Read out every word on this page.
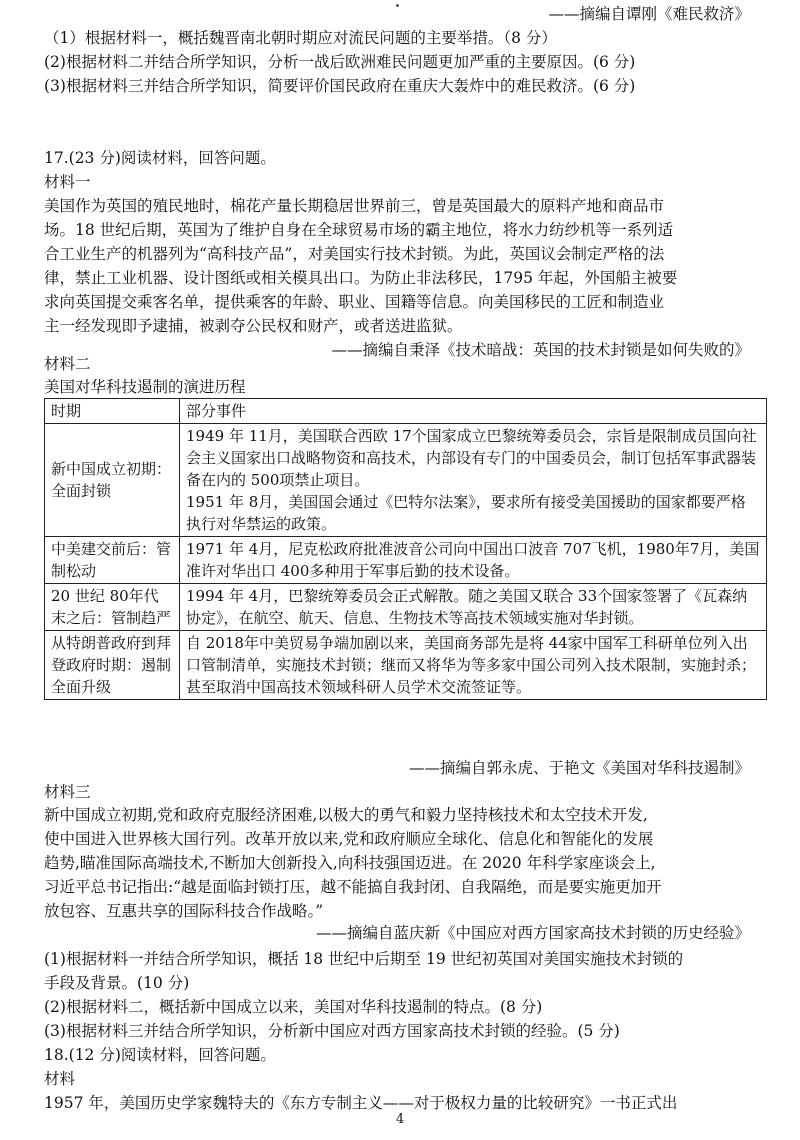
——摘编自谭刚《难民救济》
（1）根据材料一，概括魏晋南北朝时期应对流民问题的主要举措。（8 分）
(2)根据材料二并结合所学知识，分析一战后欧洲难民问题更加严重的主要原因。(6 分)
(3)根据材料三并结合所学知识，简要评价国民政府在重庆大轰炸中的难民救济。(6 分)
17.(23 分)阅读材料，回答问题。
材料一
美国作为英国的殖民地时，棉花产量长期稳居世界前三，曾是英国最大的原料产地和商品市
场。18 世纪后期，英国为了维护自身在全球贸易市场的霸主地位，将水力纺纱机等一系列适
合工业生产的机器列为“高科技产品”，对美国实行技术封锁。为此，英国议会制定严格的法
律，禁止工业机器、设计图纸或相关模具出口。为防止非法移民，1795 年起，外国船主被要
求向英国提交乘客名单，提供乘客的年龄、职业、国籍等信息。向美国移民的工匠和制造业
主一经发现即予逮捕，被剥夺公民权和财产，或者送进监狱。
——摘编自秉泽《技术暗战：英国的技术封锁是如何失败的》
材料二
美国对华科技遏制的演进历程
时期	部分事件
新中国成立初期：全面封锁	1949 年 11月，美国联合西欧 17个国家成立巴黎统筹委员会，宗旨是限制成员国向社会主义国家出口战略物资和高技术，内部设有专门的中国委员会，制订包括军事武器装备在内的 500项禁止项目。
1951 年 8月，美国国会通过《巴特尔法案》，要求所有接受美国援助的国家都要严格执行对华禁运的政策。

中美建交前后：管制松动	1971 年 4月，尼克松政府批准波音公司向中国出口波音 707飞机，1980年7月，美国准许对华出口 400多种用于军事后勤的技术设备。

20 世纪 80年代末之后：管制趋严	1994 年 4月，巴黎统筹委员会正式解散。随之美国又联合 33个国家签署了《瓦森纳协定》，在航空、航天、信息、生物技术等高技术领域实施对华封锁。

从特朗普政府到拜登政府时期：遏制全面升级	自 2018年中美贸易争端加剧以来，美国商务部先是将 44家中国军工科研单位列入出口管制清单，实施技术封锁；继而又将华为等多家中国公司列入技术限制，实施封杀；甚至取消中国高技术领域科研人员学术交流签证等。
——摘编自郭永虎、于艳文《美国对华科技遏制》
材料三
新中国成立初期,党和政府克服经济困难,以极大的勇气和毅力坚持核技术和太空技术开发,
使中国进入世界核大国行列。改革开放以来,党和政府顺应全球化、信息化和智能化的发展
趋势,瞄准国际高端技术,不断加大创新投入,向科技强国迈进。在 2020 年科学家座谈会上,
习近平总书记指出:“越是面临封锁打压，越不能搞自我封闭、自我隔绝，而是要实施更加开
放包容、互惠共享的国际科技合作战略。”
——摘编自蓝庆新《中国应对西方国家高技术封锁的历史经验》
(1)根据材料一并结合所学知识，概括 18 世纪中后期至 19 世纪初英国对美国实施技术封锁的
手段及背景。(10 分)
(2)根据材料二，概括新中国成立以来，美国对华科技遏制的特点。(8 分)
(3)根据材料三并结合所学知识，分析新中国应对西方国家高技术封锁的经验。(5 分)
18.(12 分)阅读材料，回答问题。
材料
1957 年，美国历史学家魏特夫的《东方专制主义——对于极权力量的比较研究》一书正式出
4
